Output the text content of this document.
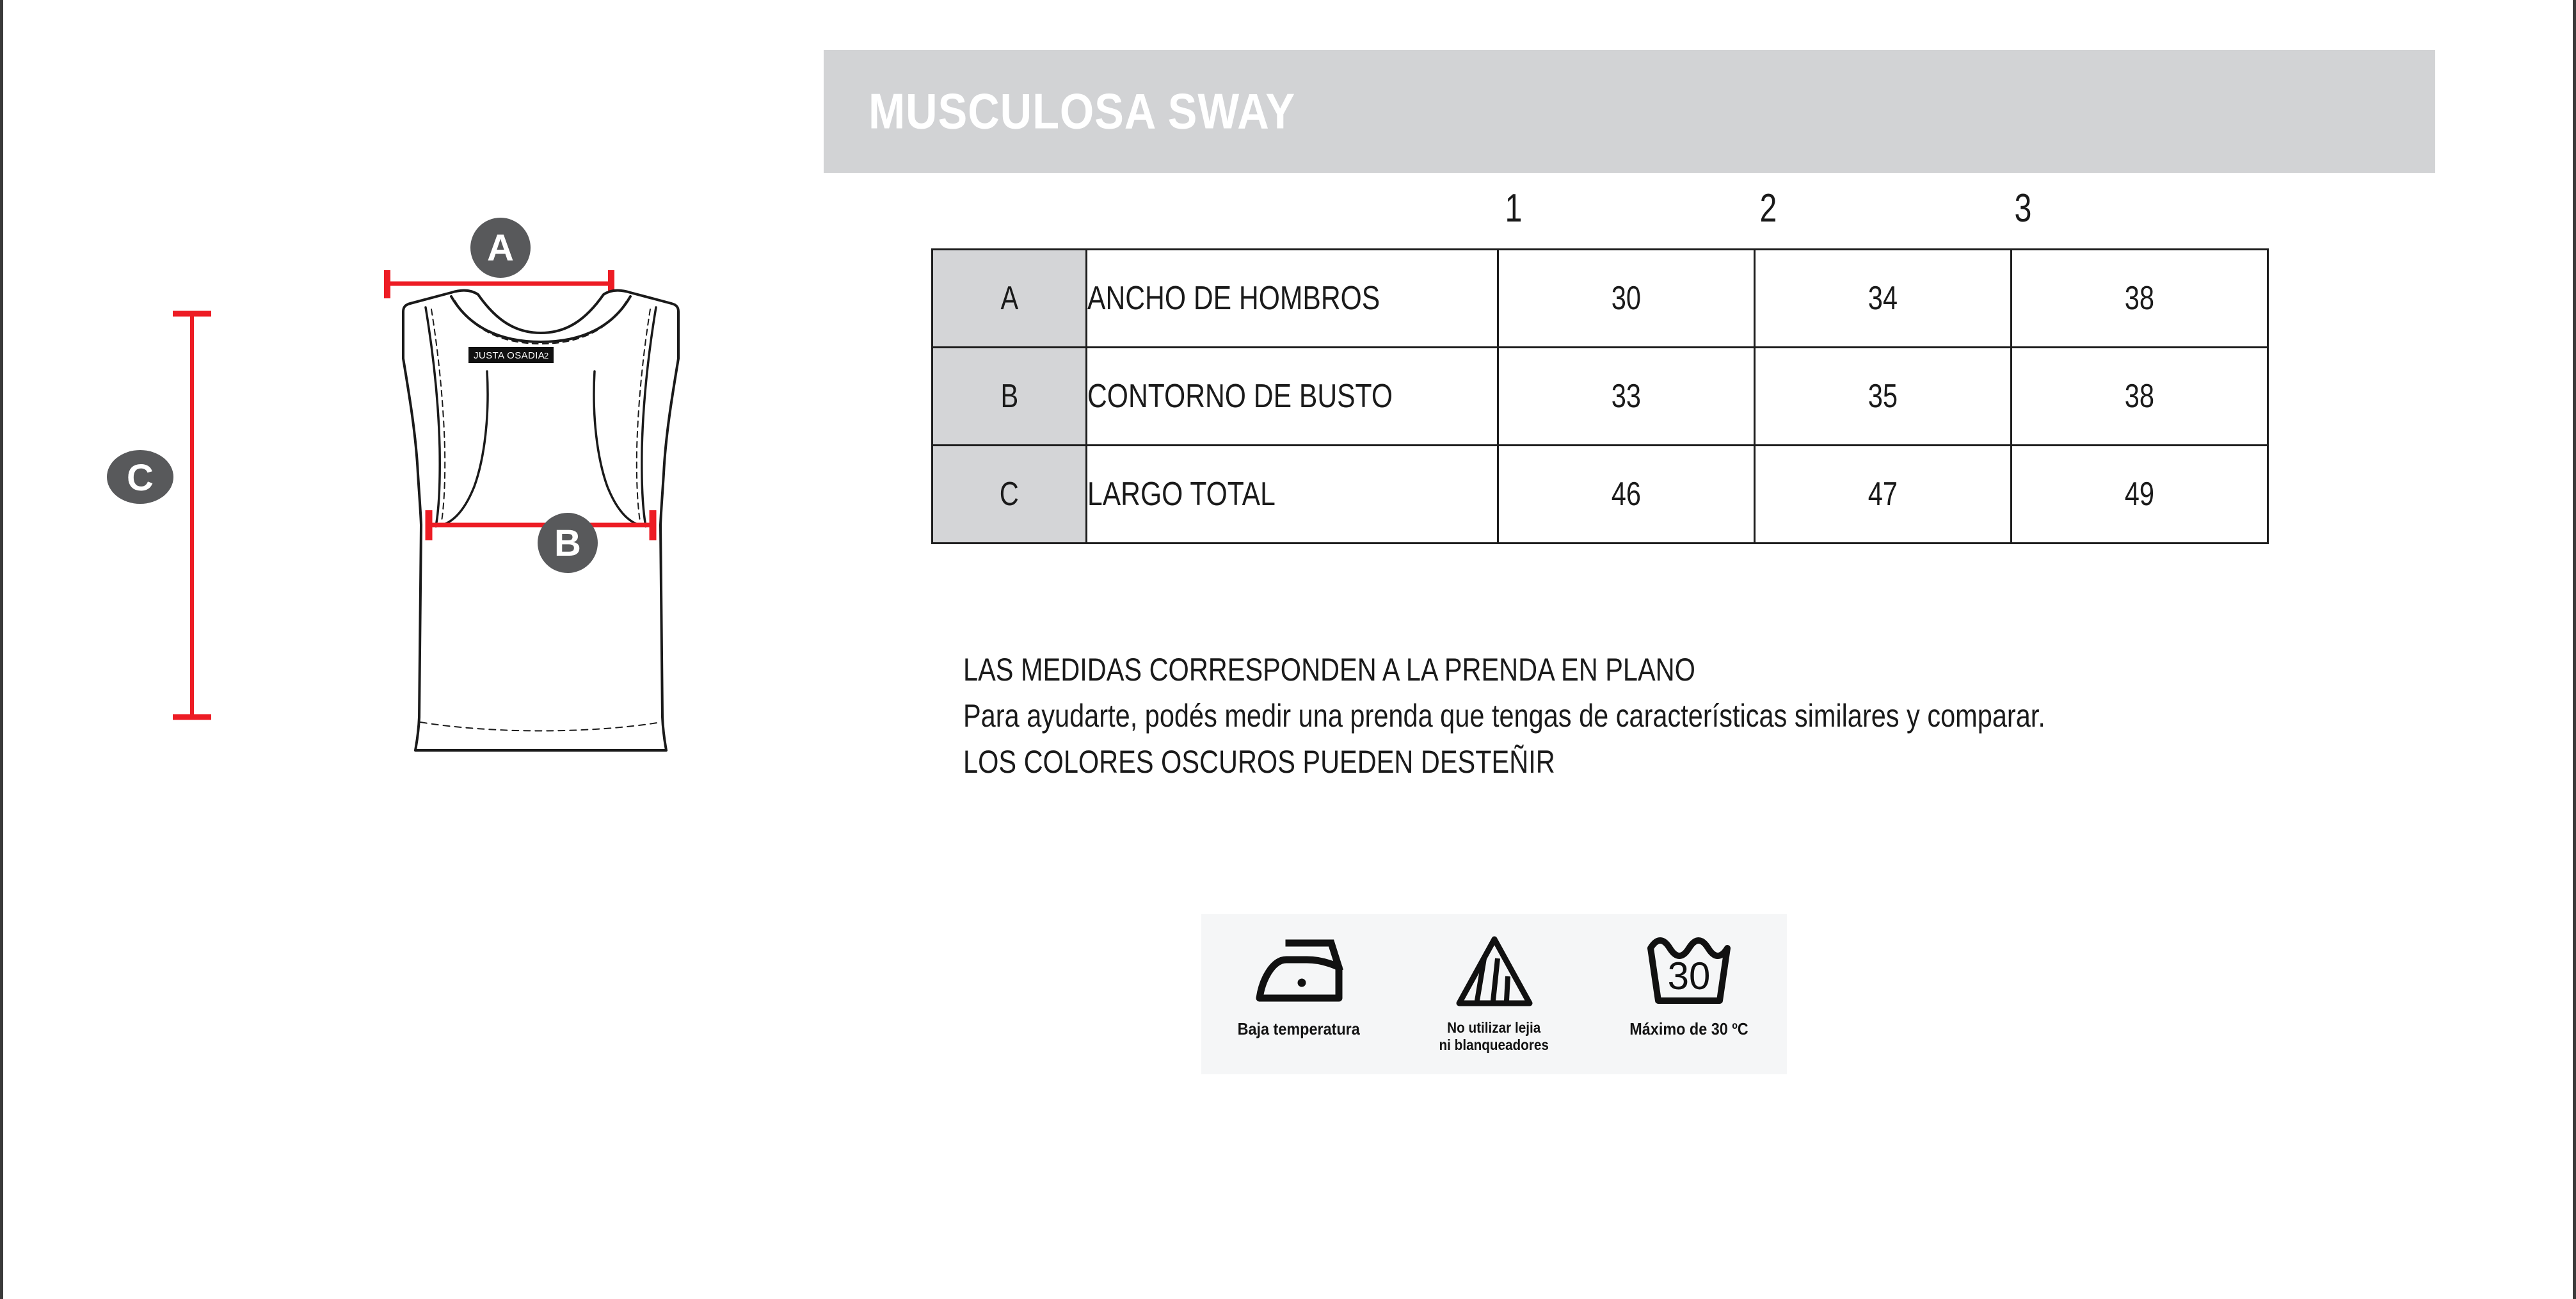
JUSTA OSADIA
2
A
B
C
MUSCULOSA SWAY
1	2	3
A	ANCHO DE HOMBROS	30	34	38
B	CONTORNO DE BUSTO	33	35	38
C	LARGO TOTAL	46	47	49
LAS MEDIDAS CORRESPONDEN A LA PRENDA EN PLANO
Para ayudarte, podés medir una prenda que tengas de características similares y comparar.
LOS COLORES OSCUROS PUEDEN DESTEÑIR
Baja temperatura	No utilizar lejia
ni blanqueadores
30
Máximo de 30 ºC
